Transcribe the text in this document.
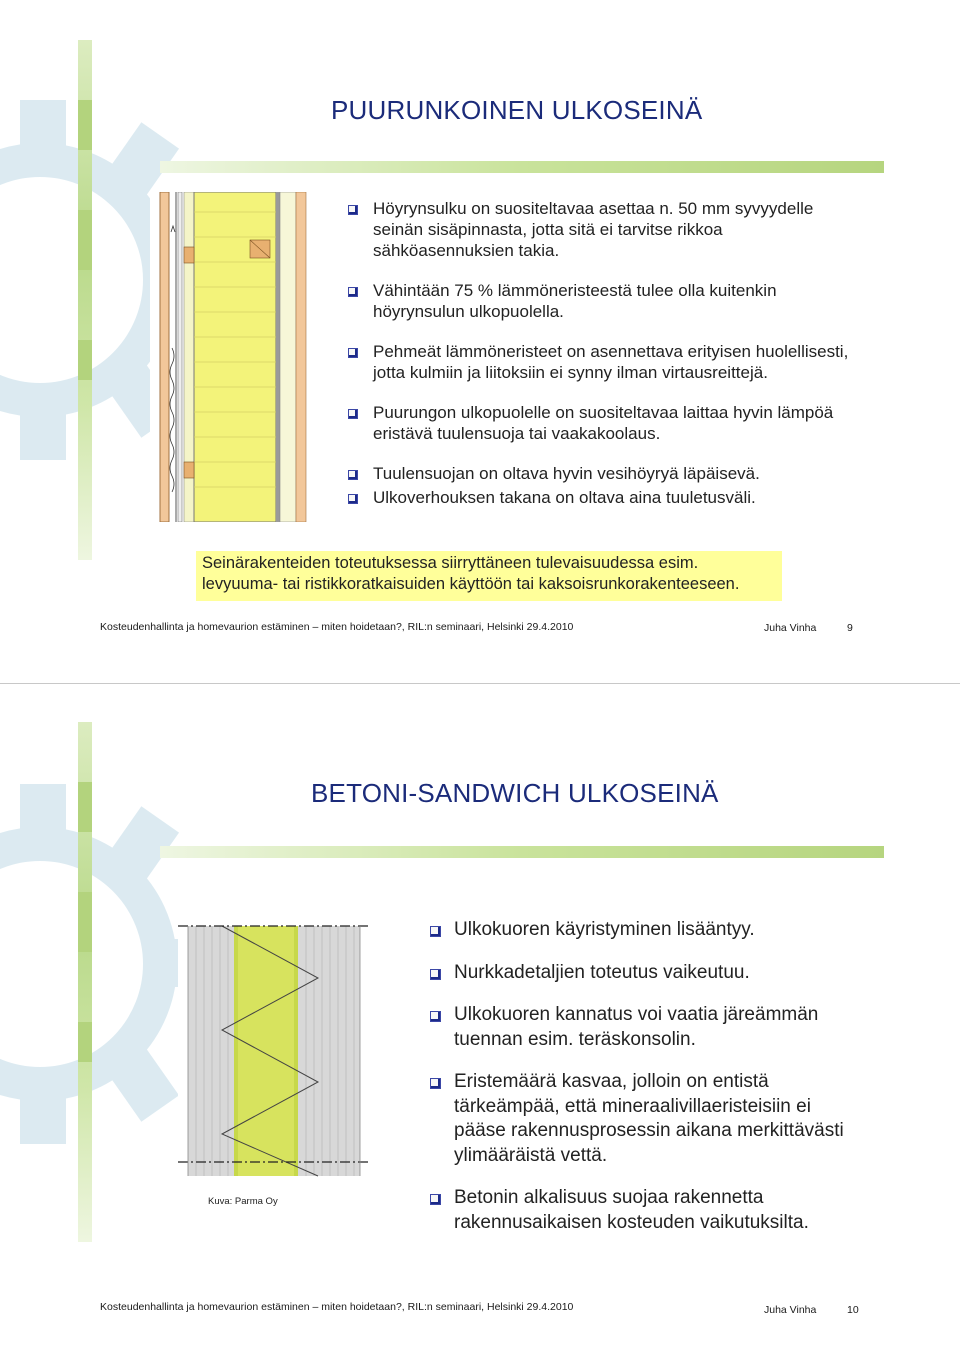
PUURUNKOINEN ULKOSEINÄ
Höyrynsulku on suositeltavaa asettaa n. 50 mm syvyydelle seinän sisäpinnasta, jotta sitä ei tarvitse rikkoa sähköasennuksien takia.
Vähintään 75 % lämmöneristeestä tulee olla kuitenkin höyrynsulun ulkopuolella.
Pehmeät lämmöneristeet on asennettava erityisen huolellisesti, jotta kulmiin ja liitoksiin ei synny ilman virtausreittejä.
Puurungon ulkopuolelle on suositeltavaa laittaa hyvin lämpöä eristävä tuulensuoja tai vaakakoolaus.
Tuulensuojan on oltava hyvin vesihöyryä läpäisevä.
Ulkoverhouksen takana on oltava aina tuuletusväli.
Seinärakenteiden toteutuksessa siirryttäneen tulevaisuudessa esim.
levyuuma- tai ristikkoratkaisuiden käyttöön tai kaksoisrunkorakenteeseen.
Kosteudenhallinta ja homevaurion estäminen – miten hoidetaan?, RIL:n seminaari, Helsinki 29.4.2010	Juha Vinha	9
BETONI-SANDWICH ULKOSEINÄ
Kuva: Parma Oy
Ulkokuoren käyristyminen lisääntyy.
Nurkkadetaljien toteutus vaikeutuu.
Ulkokuoren kannatus voi vaatia järeämmän tuennan esim. teräskonsolin.
Eristemäärä kasvaa, jolloin on entistä tärkeämpää, että mineraalivillaeristeisiin ei pääse rakennusprosessin aikana merkittävästi ylimääräistä vettä.
Betonin alkalisuus suojaa rakennetta rakennusaikaisen kosteuden vaikutuksilta.
Kosteudenhallinta ja homevaurion estäminen – miten hoidetaan?, RIL:n seminaari, Helsinki 29.4.2010	Juha Vinha	10
